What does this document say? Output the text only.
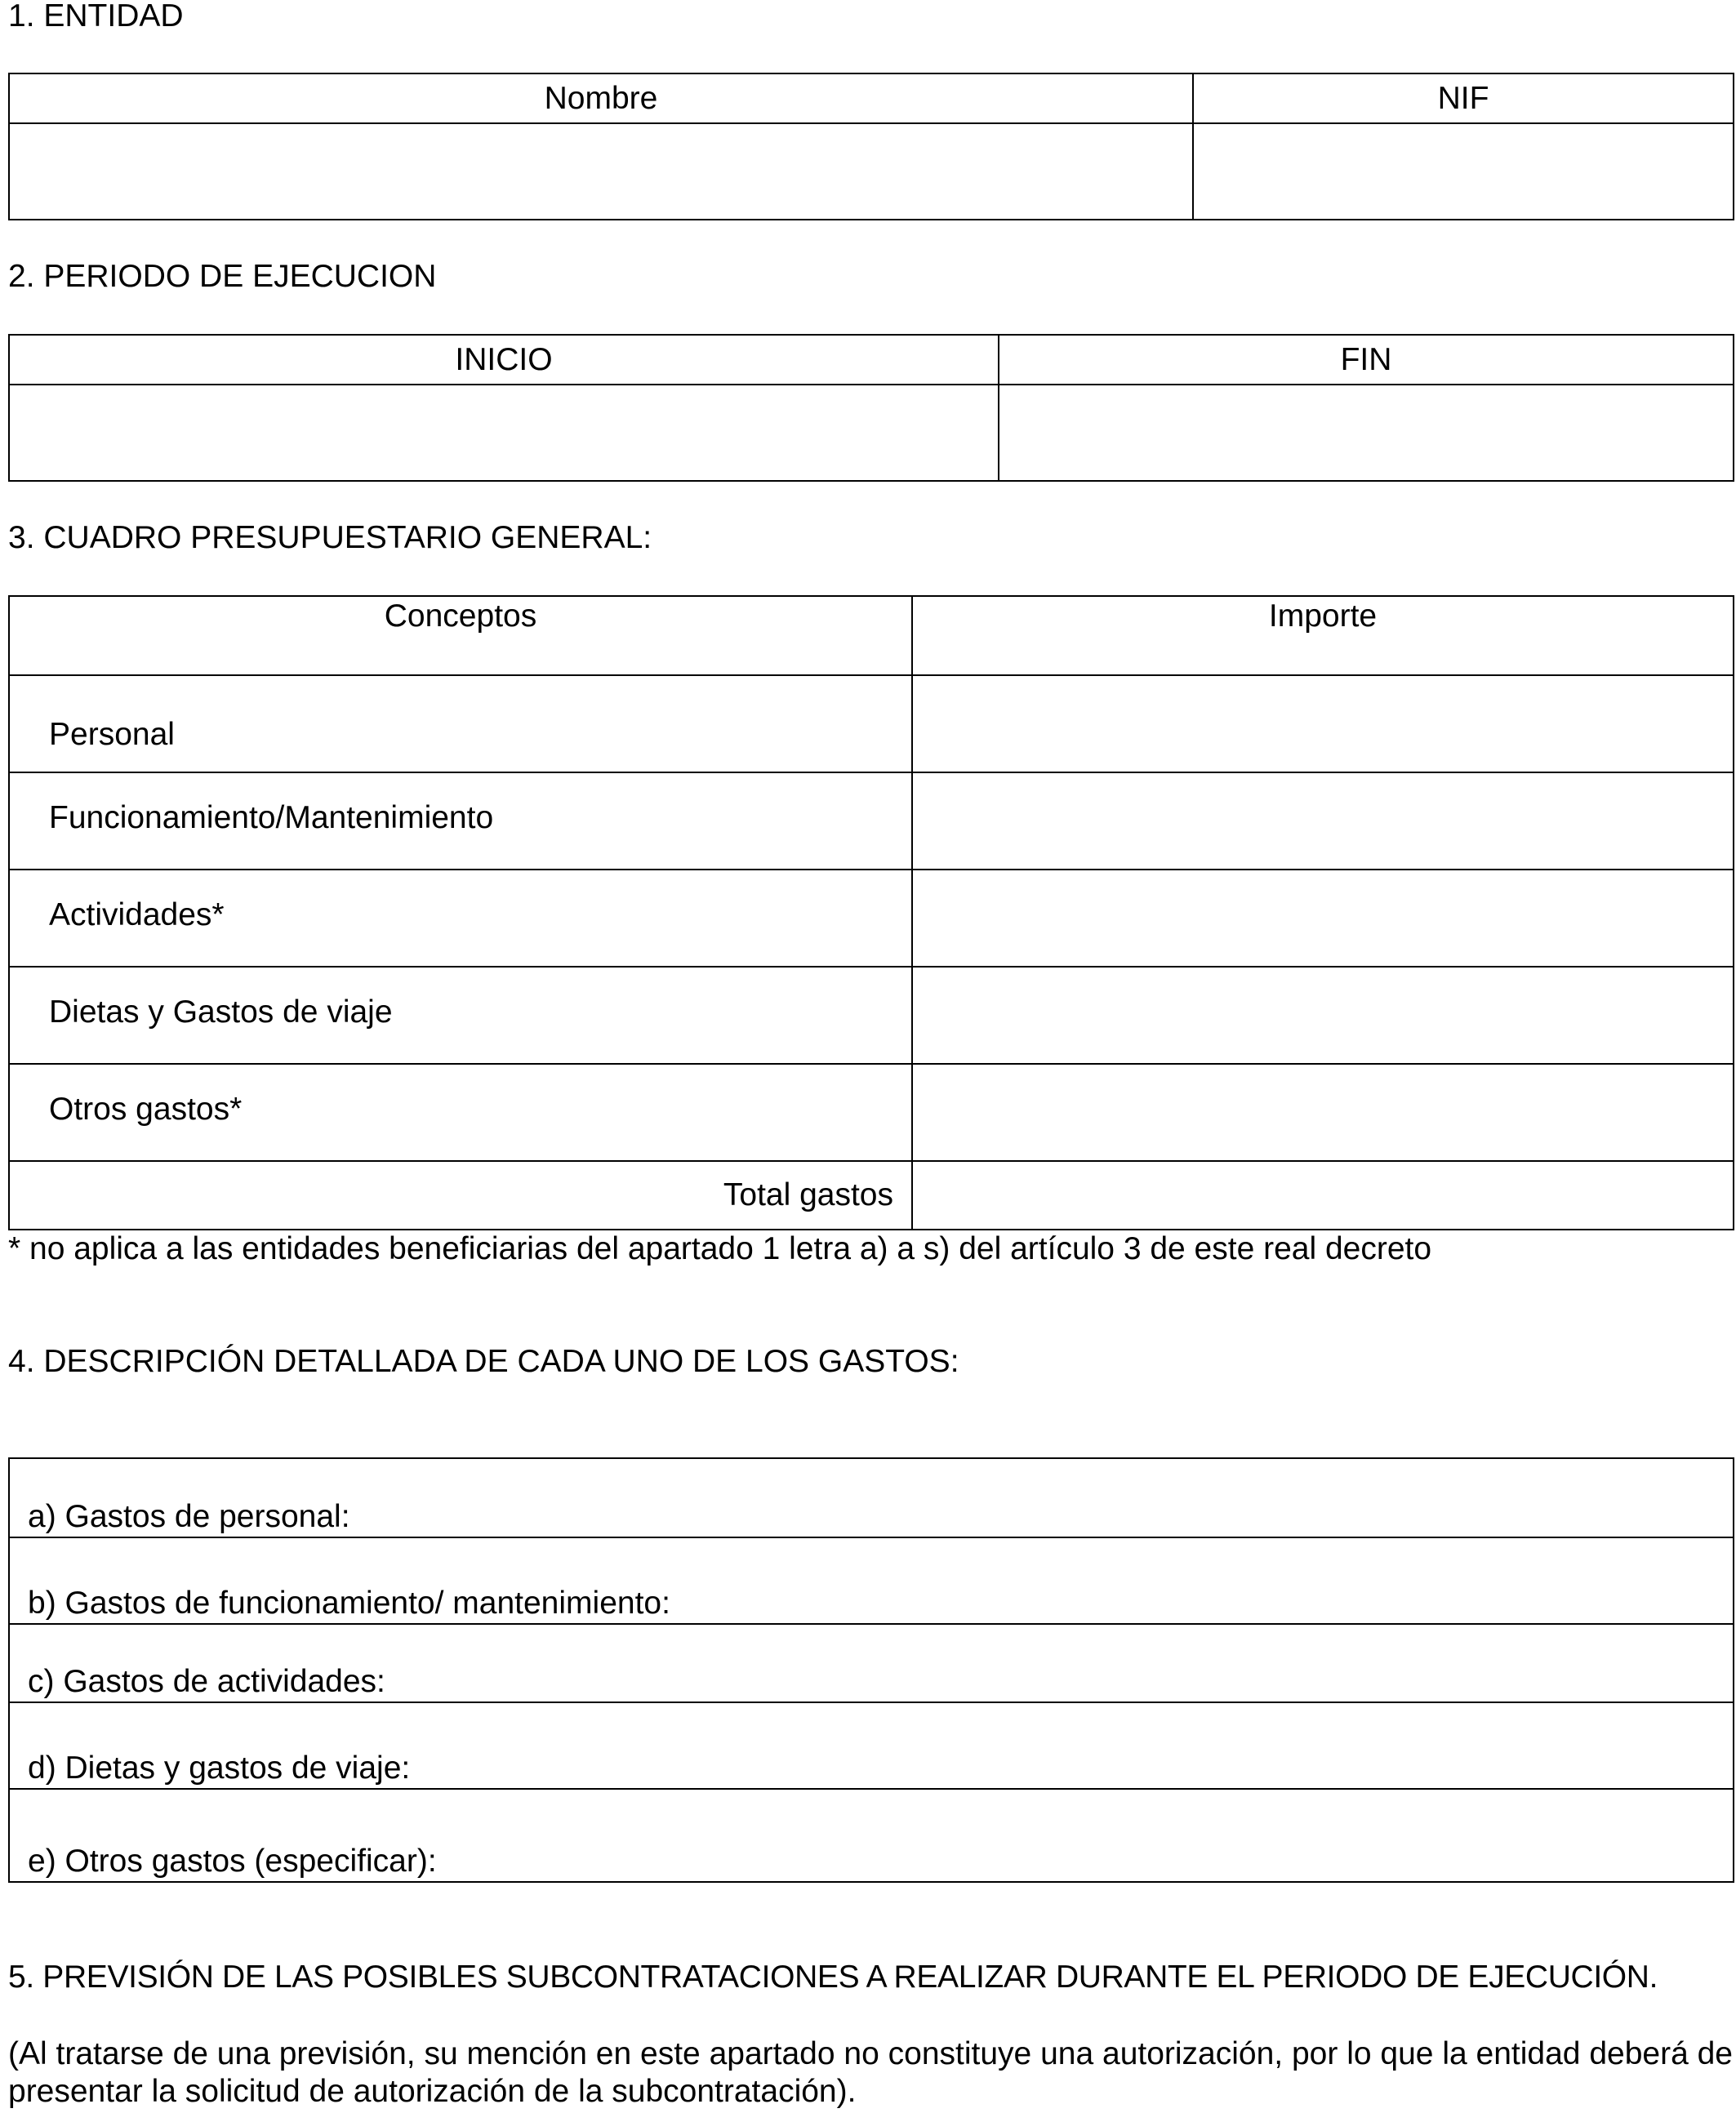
1. ENTIDAD
Nombre	NIF

2. PERIODO DE EJECUCION
INICIO	FIN

3. CUADRO PRESUPUESTARIO GENERAL:
Conceptos	Importe
Personal	
Funcionamiento/Mantenimiento	
Actividades*	
Dietas y Gastos de viaje	
Otros gastos*	
Total gastos	
* no aplica a las entidades beneficiarias del apartado 1 letra a) a s) del artículo 3 de este real decreto
4. DESCRIPCIÓN DETALLADA DE CADA UNO DE LOS GASTOS:
a) Gastos de personal:
b) Gastos de funcionamiento/ mantenimiento:
c) Gastos de actividades:
d) Dietas y gastos de viaje:
e) Otros gastos (especificar):
5. PREVISIÓN DE LAS POSIBLES SUBCONTRATACIONES A REALIZAR DURANTE EL PERIODO DE EJECUCIÓN.
(Al tratarse de una previsión, su mención en este apartado no constituye una autorización, por lo que la entidad deberá de presentar la solicitud de autorización de la subcontratación).
